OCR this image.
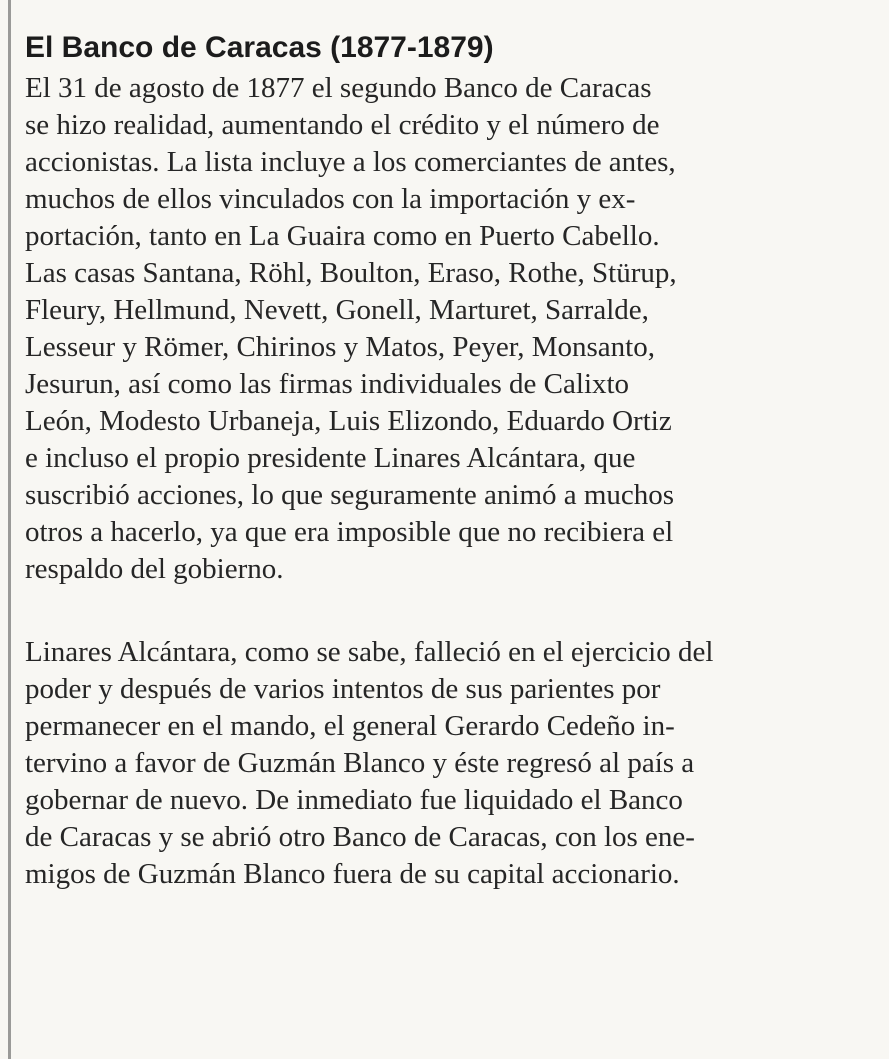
El Banco de Caracas (1877-1879)
El 31 de agosto de 1877 el segundo Banco de Caracas
se hizo realidad, aumentando el crédito y el número de
accionistas. La lista incluye a los comerciantes de antes,
muchos de ellos vinculados con la importación y ex-
portación, tanto en La Guaira como en Puerto Cabello.
Las casas Santana, Röhl, Boulton, Eraso, Rothe, Stürup,
Fleury, Hellmund, Nevett, Gonell, Marturet, Sarralde,
Lesseur y Römer, Chirinos y Matos, Peyer, Monsanto,
Jesurun, así como las firmas individuales de Calixto
León, Modesto Urbaneja, Luis Elizondo, Eduardo Ortiz
e incluso el propio presidente Linares Alcántara, que
suscribió acciones, lo que seguramente animó a muchos
otros a hacerlo, ya que era imposible que no recibiera el
respaldo del gobierno.
Linares Alcántara, como se sabe, falleció en el ejercicio del
poder y después de varios intentos de sus parientes por
permanecer en el mando, el general Gerardo Cedeño in-
tervino a favor de Guzmán Blanco y éste regresó al país a
gobernar de nuevo. De inmediato fue liquidado el Banco
de Caracas y se abrió otro Banco de Caracas, con los ene-
migos de Guzmán Blanco fuera de su capital accionario.
